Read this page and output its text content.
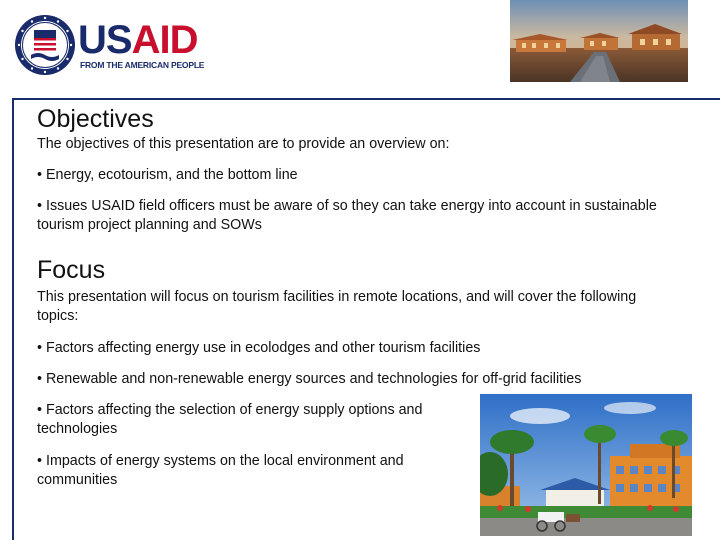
USAID
FROM THE AMERICAN PEOPLE
Objectives

The objectives of this presentation are to provide an overview on:

• Energy, ecotourism, and the bottom line

• Issues USAID field officers must be aware of so they can take energy into account in sustainable tourism project planning and SOWs

Focus

This presentation will focus on tourism facilities in remote locations, and will cover the following topics:

• Factors affecting energy use in ecolodges and other tourism facilities

• Renewable and non-renewable energy sources and technologies for off-grid facilities

• Factors affecting the selection of energy supply options and technologies

• Impacts of energy systems on the local environment and communities
